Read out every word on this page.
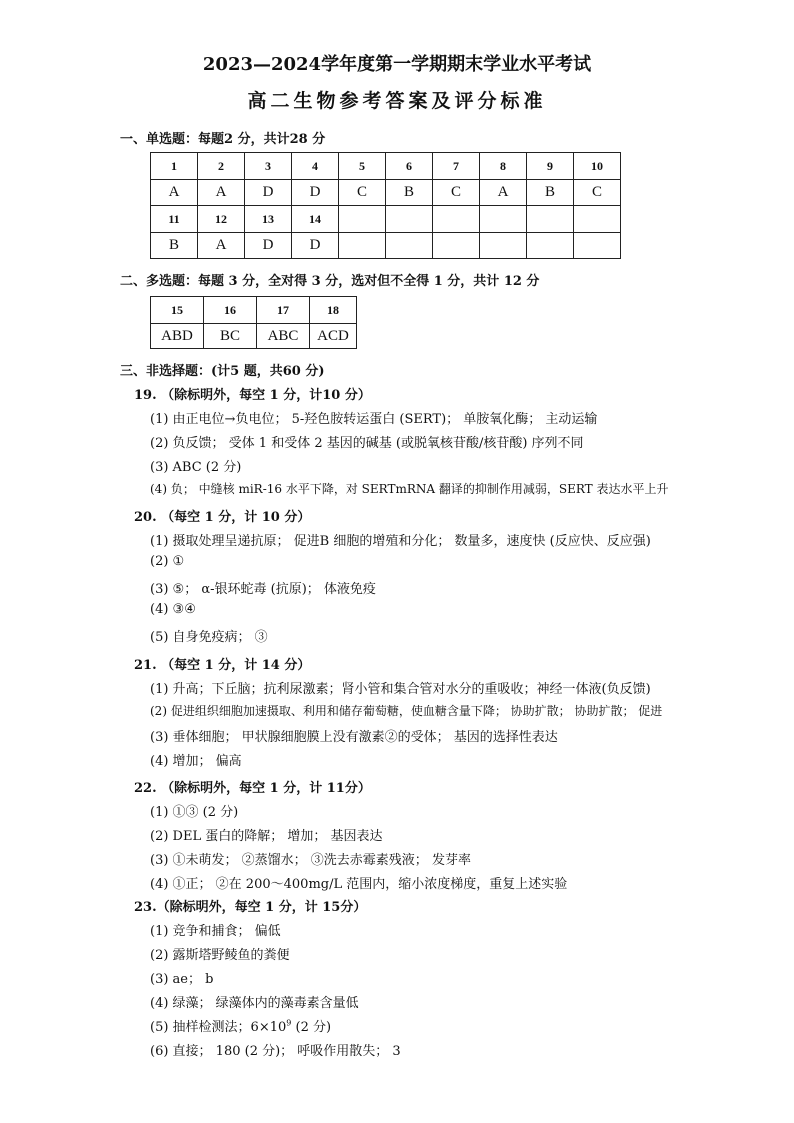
2023—2024学年度第一学期期末学业水平考试
高二生物参考答案及评分标准
一、单选题：每题2 分，共计28 分
1	2	3	4	5	6	7	8	9	10
A	A	D	D	C	B	C	A	B	C
11	12	13	14						
B	A	D	D						
二、多选题：每题 3 分，全对得 3 分，选对但不全得 1 分，共计 12 分
15	16	17	18
ABD	BC	ABC	ACD
三、非选择题：(计5 题，共60 分)
19. （除标明外，每空 1 分，计10 分）
(1) 由正电位→负电位； 5-羟色胺转运蛋白 (SERT)； 单胺氧化酶； 主动运输
(2) 负反馈； 受体 1 和受体 2 基因的碱基 (或脱氧核苷酸/核苷酸) 序列不同
(3) ABC (2 分)
(4) 负； 中缝核 miR-16 水平下降，对 SERTmRNA 翻译的抑制作用减弱，SERT 表达水平上升
20. （每空 1 分，计 10 分）
(1) 摄取处理呈递抗原； 促进B 细胞的增殖和分化； 数量多，速度快 (反应快、反应强)
(2) ①
(3) ⑤； α-银环蛇毒 (抗原)； 体液免疫
(4) ③④
(5) 自身免疫病； ③
21. （每空 1 分，计 14 分）
(1) 升高；下丘脑；抗利尿激素；肾小管和集合管对水分的重吸收；神经一体液(负反馈)
(2) 促进组织细胞加速摄取、利用和储存葡萄糖，使血糖含量下降； 协助扩散； 协助扩散； 促进
(3) 垂体细胞； 甲状腺细胞膜上没有激素②的受体； 基因的选择性表达
(4) 增加； 偏高
22. （除标明外，每空 1 分，计 11分）
(1) ①③ (2 分)
(2) DEL 蛋白的降解； 增加； 基因表达
(3) ①未萌发； ②蒸馏水； ③洗去赤霉素残液； 发芽率
(4) ①正； ②在 200～400mg/L 范围内，缩小浓度梯度，重复上述实验
23.（除标明外，每空 1 分，计 15分）
(1) 竞争和捕食； 偏低
(2) 露斯塔野鲮鱼的粪便
(3) ae； b
(4) 绿藻； 绿藻体内的藻毒素含量低
(5) 抽样检测法；$6\times 10^9$ (2 分)
(6) 直接； 180 (2 分)； 呼吸作用散失； 3
